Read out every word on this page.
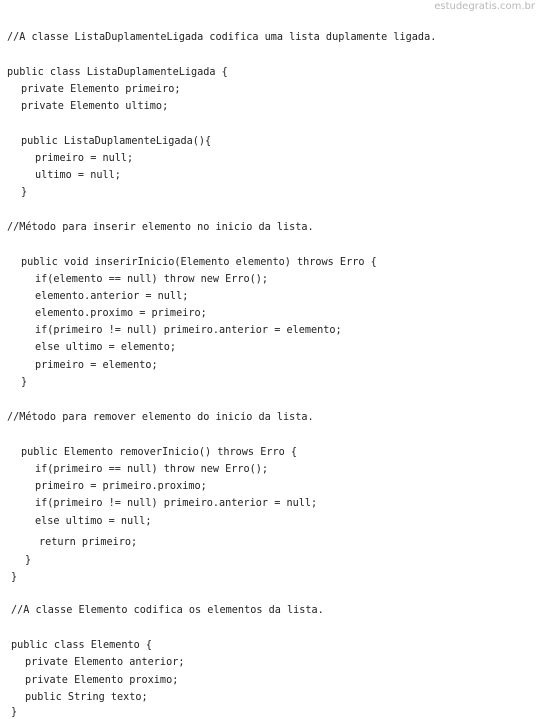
estudegratis.com.br
//A classe ListaDuplamenteLigada codifica uma lista duplamente ligada.
public class ListaDuplamenteLigada {
private Elemento primeiro;
private Elemento ultimo;
public ListaDuplamenteLigada(){
primeiro = null;
ultimo = null;
}
//Método para inserir elemento no inicio da lista.
public void inserirInicio(Elemento elemento) throws Erro {
if(elemento == null) throw new Erro();
elemento.anterior = null;
elemento.proximo = primeiro;
if(primeiro != null) primeiro.anterior = elemento;
else ultimo = elemento;
primeiro = elemento;
}
//Método para remover elemento do inicio da lista.
public Elemento removerInicio() throws Erro {
if(primeiro == null) throw new Erro();
primeiro = primeiro.proximo;
if(primeiro != null) primeiro.anterior = null;
else ultimo = null;
return primeiro;
}
}
//A classe Elemento codifica os elementos da lista.
public class Elemento {
private Elemento anterior;
private Elemento proximo;
public String texto;
}
